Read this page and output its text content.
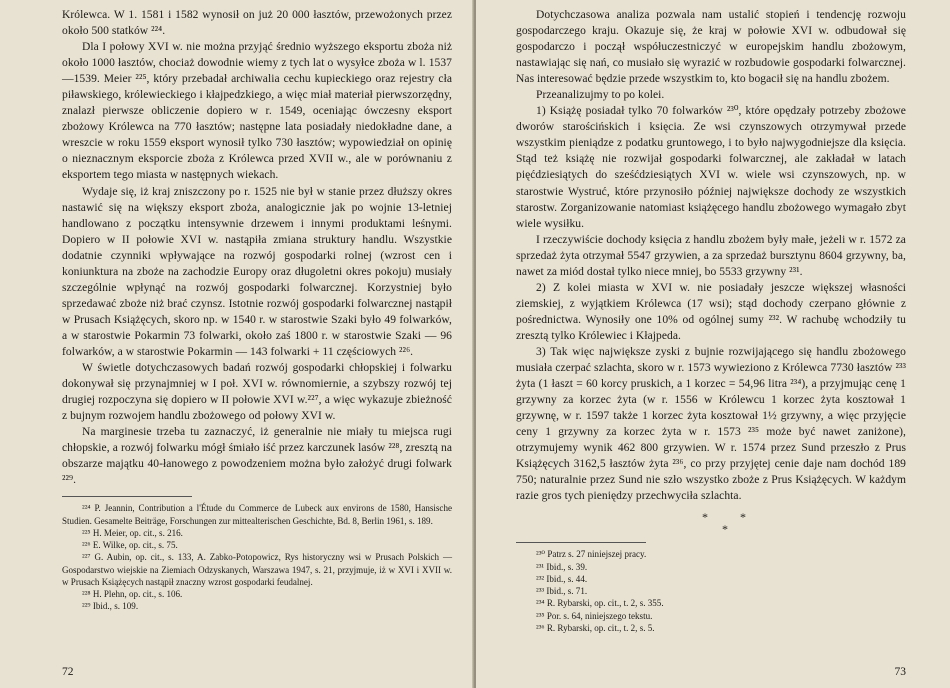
Królewca. W 1. 1581 i 1582 wynosił on już 20 000 łasztów, przewożonych przez około 500 statków ²²⁴.

Dla I połowy XVI w. nie można przyjąć średnio wyższego eksportu zboża niż około 1000 łasztów, chociaż dowodnie wiemy z tych lat o wysyłce zboża w l. 1537—1539. Meier ²²⁵, który przebadał archiwalia cechu kupieckiego oraz rejestry cła piławskiego, królewieckiego i kłajpedzkiego, a więc miał materiał pierwszorzędny, znalazł pierwsze obliczenie dopiero w r. 1549, oceniając ówczesny eksport zbożowy Królewca na 770 łasztów; następne lata posiadały niedokładne dane, a wreszcie w roku 1559 eksport wynosił tylko 730 łasztów; wypowiedział on opinię o nieznacznym eksporcie zboża z Królewca przed XVII w., ale w porównaniu z eksportem tego miasta w następnych wiekach.

Wydaje się, iż kraj zniszczony po r. 1525 nie był w stanie przez dłuższy okres nastawić się na większy eksport zboża, analogicznie jak po wojnie 13-letniej handlowano z początku intensywnie drzewem i innymi produktami leśnymi. Dopiero w II połowie XVI w. nastąpiła zmiana struktury handlu. Wszystkie dodatnie czynniki wpływające na rozwój gospodarki rolnej (wzrost cen i koniunktura na zboże na zachodzie Europy oraz długoletni okres pokoju) musiały szczególnie wpłynąć na rozwój gospodarki folwarcznej. Korzystniej było sprzedawać zboże niż brać czynsz. Istotnie rozwój gospodarki folwarcznej nastąpił w Prusach Książęcych, skoro np. w 1540 r. w starostwie Szaki było 49 folwarków, a w starostwie Pokarmin 73 folwarki, około zaś 1800 r. w starostwie Szaki — 96 folwarków, a w starostwie Pokarmin — 143 folwarki + 11 częściowych ²²⁶.

W świetle dotychczasowych badań rozwój gospodarki chłopskiej i folwarku dokonywał się przynajmniej w I poł. XVI w. równomiernie, a szybszy rozwój tej drugiej rozpoczyna się dopiero w II połowie XVI w.²²⁷, a więc wykazuje zbieżność z bujnym rozwojem handlu zbożowego od połowy XVI w.

Na marginesie trzeba tu zaznaczyć, iż generalnie nie miały tu miejsca rugi chłopskie, a rozwój folwarku mógł śmiało iść przez karczunek lasów ²²⁸, zresztą na obszarze majątku 40-łanowego z powodzeniem można było założyć drugi folwark ²²⁹.

²²⁴ P. Jeannin, Contribution a l'Étude du Commerce de Lubeck aux environs de 1580, Hansische Studien. Gesamelte Beiträge, Forschungen zur mittealterischen Geschichte, Bd. 8, Berlin 1961, s. 189.

²²⁵ H. Meier, op. cit., s. 216.

²²⁶ E. Wilke, op. cit., s. 75.

²²⁷ G. Aubin, op. cit., s. 133, A. Zabko-Potopowicz, Rys historyczny wsi w Prusach Polskich — Gospodarstwo wiejskie na Ziemiach Odzyskanych, Warszawa 1947, s. 21, przyjmuje, iż w XVI i XVII w. w Prusach Książęcych nastąpił znaczny wzrost gospodarki feudalnej.

²²⁸ H. Plehn, op. cit., s. 106.

²²⁹ Ibid., s. 109.

72

Dotychczasowa analiza pozwala nam ustalić stopień i tendencję rozwoju gospodarczego kraju. Okazuje się, że kraj w połowie XVI w. odbudował się gospodarczo i począł współuczestniczyć w europejskim handlu zbożowym, nastawiając się nań, co musiało się wyrazić w rozbudowie gospodarki folwarcznej. Nas interesować będzie przede wszystkim to, kto bogacił się na handlu zbożem.

Przeanalizujmy to po kolei.

1) Książę posiadał tylko 70 folwarków ²³⁰, które opędzały potrzeby zbożowe dworów starościńskich i księcia. Ze wsi czynszowych otrzymywał przede wszystkim pieniądze z podatku gruntowego, i to było najwygodniejsze dla księcia. Stąd też książę nie rozwijał gospodarki folwarcznej, ale zakładał w latach pięćdziesiątych do sześćdziesiątych XVI w. wiele wsi czynszowych, np. w starostwie Wystruć, które przynosiło później największe dochody ze wszystkich starostw. Zorganizowanie natomiast książęcego handlu zbożowego wymagało zbyt wiele wysiłku.

I rzeczywiście dochody księcia z handlu zbożem były małe, jeżeli w r. 1572 za sprzedaż żyta otrzymał 5547 grzywien, a za sprzedaż bursztynu 8604 grzywny, ba, nawet za miód dostał tylko niece mniej, bo 5533 grzywny ²³¹.

2) Z kolei miasta w XVI w. nie posiadały jeszcze większej własności ziemskiej, z wyjątkiem Królewca (17 wsi); stąd dochody czerpano głównie z pośrednictwa. Wynosiły one 10% od ogólnej sumy ²³². W rachubę wchodziły tu zresztą tylko Królewiec i Kłajpeda.

3) Tak więc największe zyski z bujnie rozwijającego się handlu zbożowego musiała czerpać szlachta, skoro w r. 1573 wywieziono z Królewca 7730 łasztów ²³³ żyta (1 łaszt = 60 korcy pruskich, a 1 korzec = 54,96 litra ²³⁴), a przyjmując cenę 1 grzywny za korzec żyta (w r. 1556 w Królewcu 1 korzec żyta kosztował 1 grzywnę, w r. 1597 także 1 korzec żyta kosztował 1½ grzywny, a więc przyjęcie ceny 1 grzywny za korzec żyta w r. 1573 ²³⁵ może być nawet zaniżone), otrzymujemy wynik 462 800 grzywien. W r. 1574 przez Sund przeszło z Prus Książęcych 3162,5 łasztów żyta ²³⁶, co przy przyjętej cenie daje nam dochód 189 750; naturalnie przez Sund nie szło wszystko zboże z Prus Książęcych. W każdym razie gros tych pieniędzy przechwyciła szlachta.

*	*
*

²³⁰ Patrz s. 27 niniejszej pracy.

²³¹ Ibid., s. 39.

²³² Ibid., s. 44.

²³³ Ibid., s. 71.

²³⁴ R. Rybarski, op. cit., t. 2, s. 355.

²³⁵ Por. s. 64, niniejszego tekstu.

²³⁶ R. Rybarski, op. cit., t. 2, s. 5.

73
